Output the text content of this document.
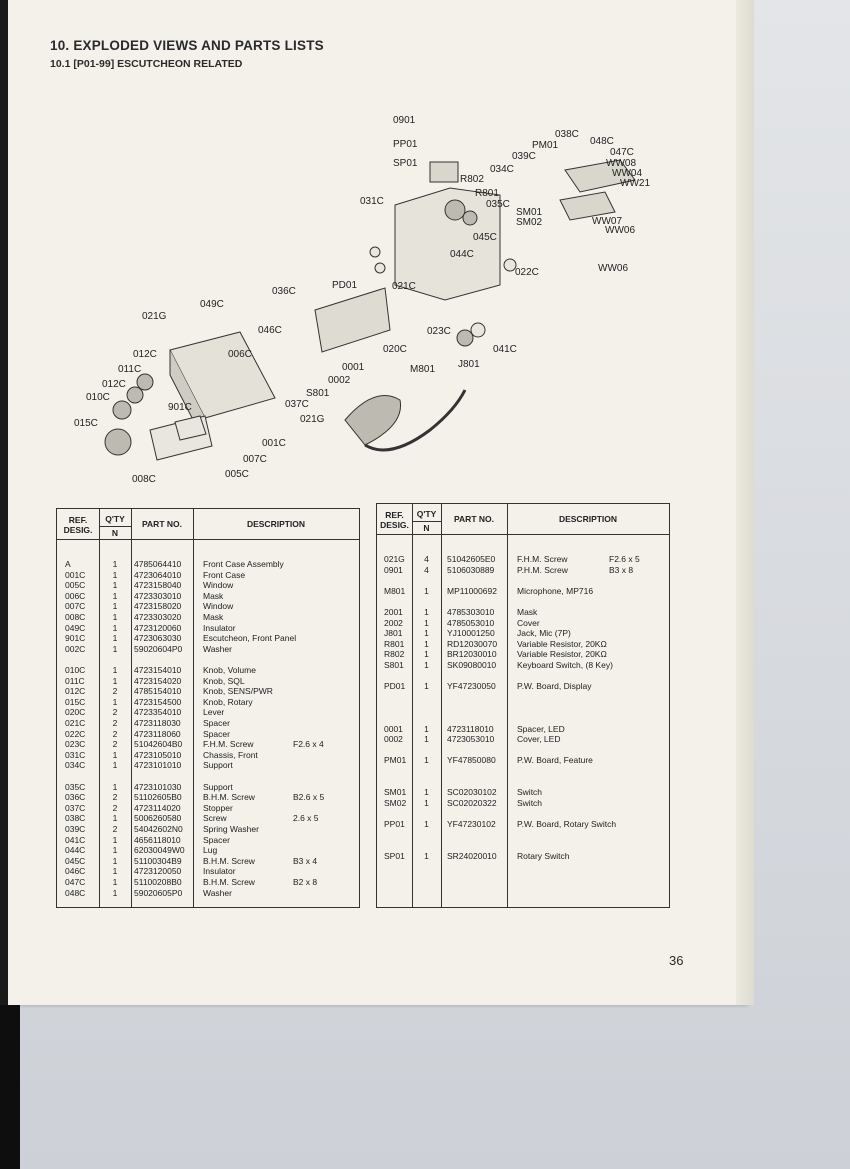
10. EXPLODED VIEWS AND PARTS LISTS
10.1 [P01-99] ESCUTCHEON RELATED
0901
PP01
SP01
R802
R801
031C
038C
048C
047C
PM01
039C
WW08
WW04
WW21
034C
035C
SM01
SM02	WW07
WW06
045C
044C
WW06
022C
036C
PD01	021C
049C
021G
046C	023C
041C
012C
011C
006C
0001
020C
J801
012C	0002
M801
S801
010C
901C	037C
021G
015C
001C
007C
005C
008C
REF.
DESIG.
Q'TY
N
PART NO.	DESCRIPTION
A	1	4785064410	Front Case Assembly
001C	1	4723064010	Front Case
005C	1	4723158040	Window
006C	1	4723303010	Mask
007C	1	4723158020	Window
008C	1	4723303020	Mask
049C	1	4723120060	Insulator
901C	1	4723063030	Escutcheon, Front Panel
002C	1	59020604P0 Washer
010C	1	4723154010	Knob, Volume
011C	1	4723154020	Knob, SQL
012C	2	4785154010	Knob, SENS/PWR
015C	1	4723154500	Knob, Rotary
020C	2	4723354010	Lever
021C	2	4723118030	Spacer
022C	2	4723118060	Spacer
023C	2	51042604B0 F.H.M. Screw	F2.6 x 4
031C	1	4723105010	Chassis, Front
034C	1	4723101010	Support
035C	1	4723101030	Support
036C	2	51102605B0	B.H.M. Screw	B2.6 x 5
037C	2	4723114020	Stopper
038C	1	5006260580	Screw	2.6 x 5
039C	2	54042602N0 Spring Washer
041C	1	4656118010	Spacer
044C	1	62030049W0 Lug
045C	1	51100304B9	B.H.M. Screw	B3 x 4
046C	1	4723120050	Insulator
047C	1	51100208B0	B.H.M. Screw	B2 x 8
048C	1	59020605P0 Washer
REF.
DESIG.
Q'TY
N
PART NO.	DESCRIPTION
021G	4	51042605E0	F.H.M. Screw	F2.6 x 5
0901	4	5106030889	P.H.M. Screw	B3 x 8
M801	1	MP11000692 Microphone, MP716
2001	1	4785303010	Mask
2002	1	4785053010	Cover
J801	1	YJ10001250	Jack, Mic (7P)
R801	1	RD12030070 Variable Resistor, 20KΩ
R802	1	BR12030010 Variable Resistor, 20KΩ
S801	1	SK09080010 Keyboard Switch, (8 Key)
PD01	1	YF47230050	P.W. Board, Display
0001	1	4723118010	Spacer, LED
0002	1	4723053010	Cover, LED
PM01	1	YF47850080	P.W. Board, Feature
SM01	1	SC02030102 Switch
SM02	1	SC02020322 Switch
PP01	1	YF47230102	P.W. Board, Rotary Switch
SP01	1	SR24020010 Rotary Switch
36
